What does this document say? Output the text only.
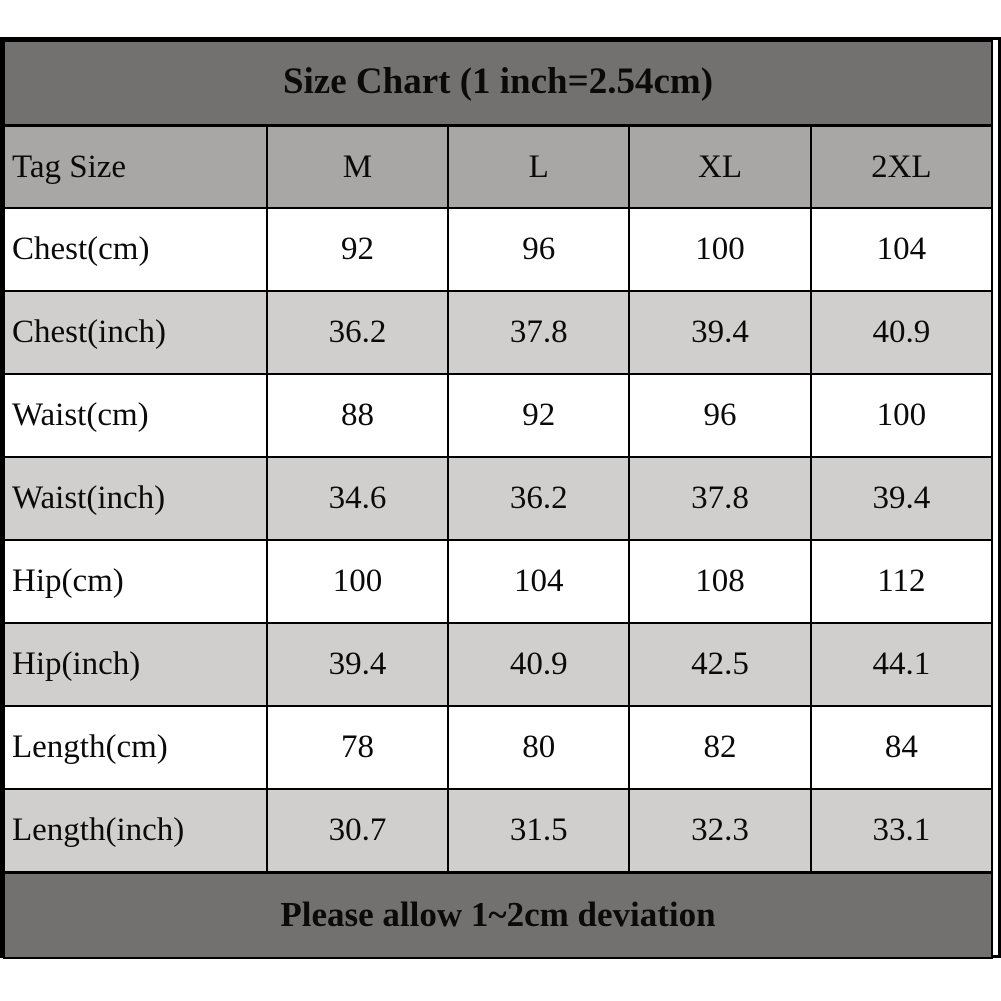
Size Chart (1 inch=2.54cm)				
Tag Size	M	L	XL	2XL
Chest(cm)	92	96	100	104
Chest(inch)	36.2	37.8	39.4	40.9
Waist(cm)	88	92	96	100
Waist(inch)	34.6	36.2	37.8	39.4
Hip(cm)	100	104	108	112
Hip(inch)	39.4	40.9	42.5	44.1
Length(cm)	78	80	82	84
Length(inch)	30.7	31.5	32.3	33.1
Please allow 1~2cm deviation				
